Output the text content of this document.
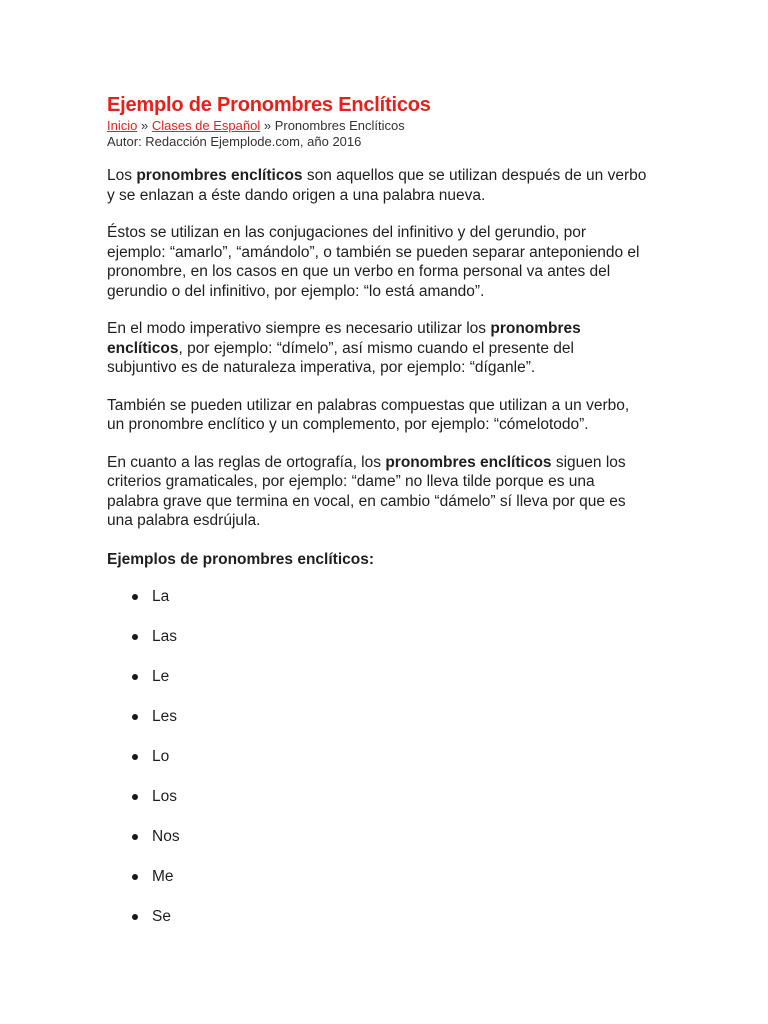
Ejemplo de Pronombres Enclíticos
Inicio » Clases de Español » Pronombres Enclíticos
Autor: Redacción Ejemplode.com, año 2016

Los pronombres enclíticos son aquellos que se utilizan después de un verbo y se enlazan a éste dando origen a una palabra nueva.

Éstos se utilizan en las conjugaciones del infinitivo y del gerundio, por ejemplo: “amarlo”, “amándolo”, o también se pueden separar anteponiendo el pronombre, en los casos en que un verbo en forma personal va antes del gerundio o del infinitivo, por ejemplo: “lo está amando”.

En el modo imperativo siempre es necesario utilizar los pronombres enclíticos, por ejemplo: “dímelo”, así mismo cuando el presente del subjuntivo es de naturaleza imperativa, por ejemplo: “díganle”.

También se pueden utilizar en palabras compuestas que utilizan a un verbo, un pronombre enclítico y un complemento, por ejemplo: “cómelotodo”.

En cuanto a las reglas de ortografía, los pronombres enclíticos siguen los criterios gramaticales, por ejemplo: “dame” no lleva tilde porque es una palabra grave que termina en vocal, en cambio “dámelo” sí lleva por que es una palabra esdrújula.

Ejemplos de pronombres enclíticos:

La
Las
Le
Les
Lo
Los
Nos
Me
Se
